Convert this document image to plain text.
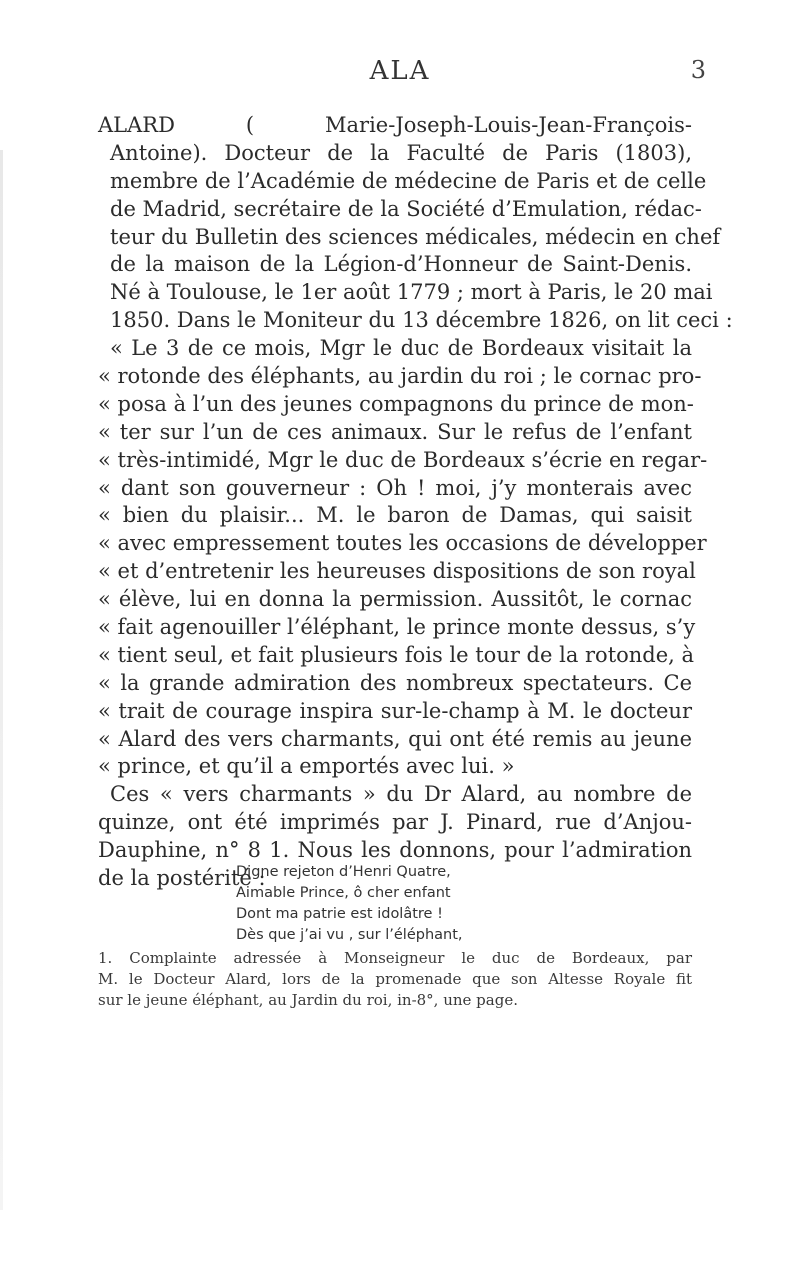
ALA	3
ALARD ( Marie-Joseph-Louis-Jean-François-
Antoine). Docteur de la Faculté de Paris (1803),
membre de l’Académie de médecine de Paris et de celle
de Madrid, secrétaire de la Société d’Emulation, rédac-
teur du Bulletin des sciences médicales, médecin en chef
de la maison de la Légion-d’Honneur de Saint-Denis.
Né à Toulouse, le 1er août 1779 ; mort à Paris, le 20 mai
1850. Dans le Moniteur du 13 décembre 1826, on lit ceci :
« Le 3 de ce mois, Mgr le duc de Bordeaux visitait la
« rotonde des éléphants, au jardin du roi ; le cornac pro-
« posa à l’un des jeunes compagnons du prince de mon-
« ter sur l’un de ces animaux. Sur le refus de l’enfant
« très-intimidé, Mgr le duc de Bordeaux s’écrie en regar-
« dant son gouverneur : Oh ! moi, j’y monterais avec
« bien du plaisir... M. le baron de Damas, qui saisit
« avec empressement toutes les occasions de développer
« et d’entretenir les heureuses dispositions de son royal
« élève, lui en donna la permission. Aussitôt, le cornac
« fait agenouiller l’éléphant, le prince monte dessus, s’y
« tient seul, et fait plusieurs fois le tour de la rotonde, à
« la grande admiration des nombreux spectateurs. Ce
« trait de courage inspira sur-le-champ à M. le docteur
« Alard des vers charmants, qui ont été remis au jeune
« prince, et qu’il a emportés avec lui. »
Ces « vers charmants » du Dr Alard, au nombre de
quinze, ont été imprimés par J. Pinard, rue d’Anjou-
Dauphine, n° 8 1. Nous les donnons, pour l’admiration
de la postérité :
Digne rejeton d’Henri Quatre,
Aimable Prince, ô cher enfant
Dont ma patrie est idolâtre !
Dès que j’ai vu , sur l’éléphant,
1. Complainte adressée à Monseigneur le duc de Bordeaux, par
M. le Docteur Alard, lors de la promenade que son Altesse Royale fit
sur le jeune éléphant, au Jardin du roi, in-8°, une page.
